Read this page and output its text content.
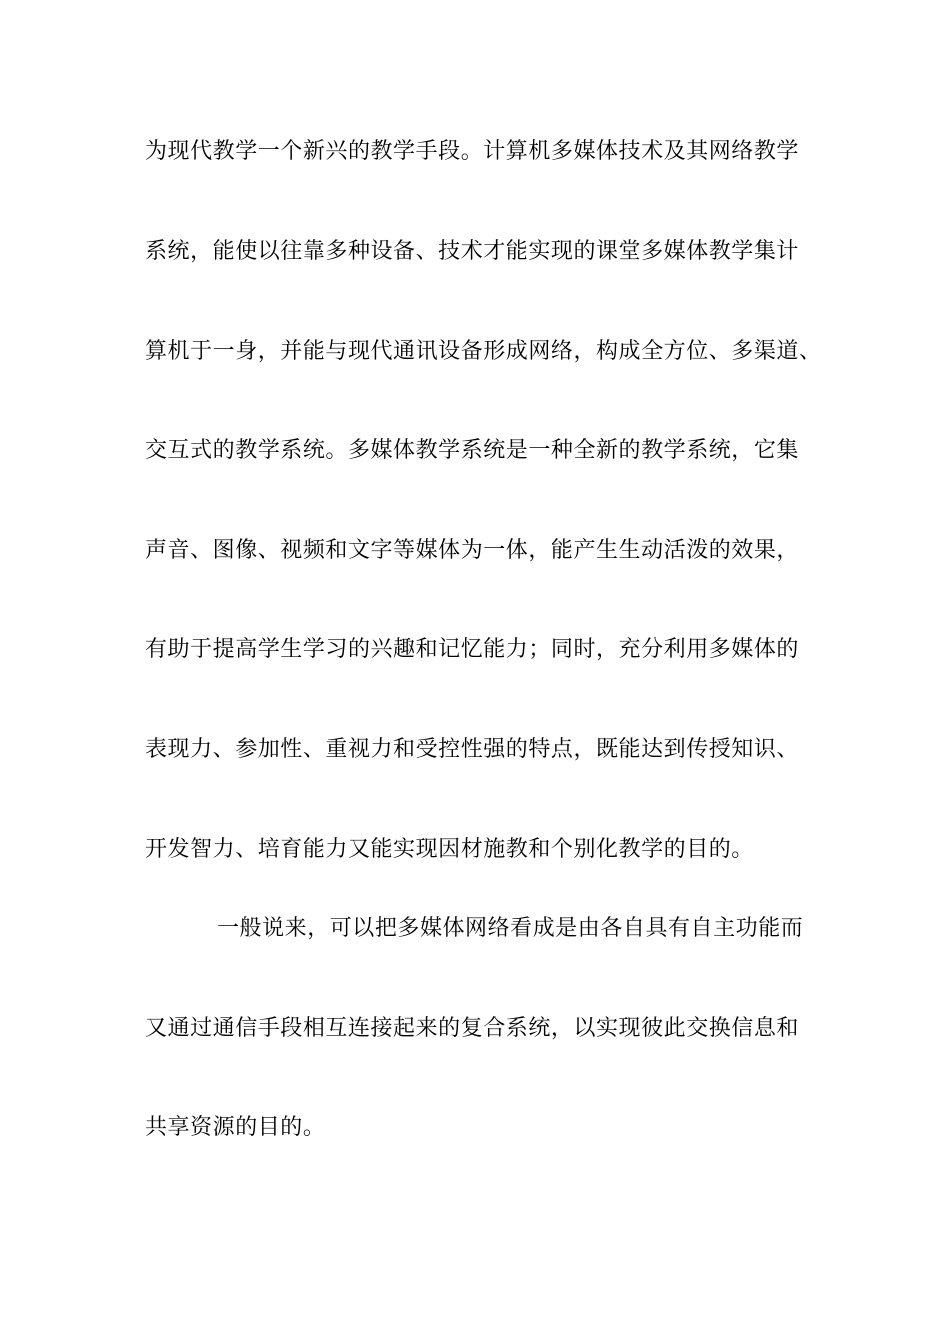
为现代教学一个新兴的教学手段。计算机多媒体技术及其网络教学
系统，能使以往靠多种设备、技术才能实现的课堂多媒体教学集计
算机于一身，并能与现代通讯设备形成网络，构成全方位、多渠道、
交互式的教学系统。多媒体教学系统是一种全新的教学系统，它集
声音、图像、视频和文字等媒体为一体，能产生生动活泼的效果，
有助于提高学生学习的兴趣和记忆能力；同时，充分利用多媒体的
表现力、参加性、重视力和受控性强的特点，既能达到传授知识、
开发智力、培育能力又能实现因材施教和个别化教学的目的。
一般说来，可以把多媒体网络看成是由各自具有自主功能而
又通过通信手段相互连接起来的复合系统，以实现彼此交换信息和
共享资源的目的。
